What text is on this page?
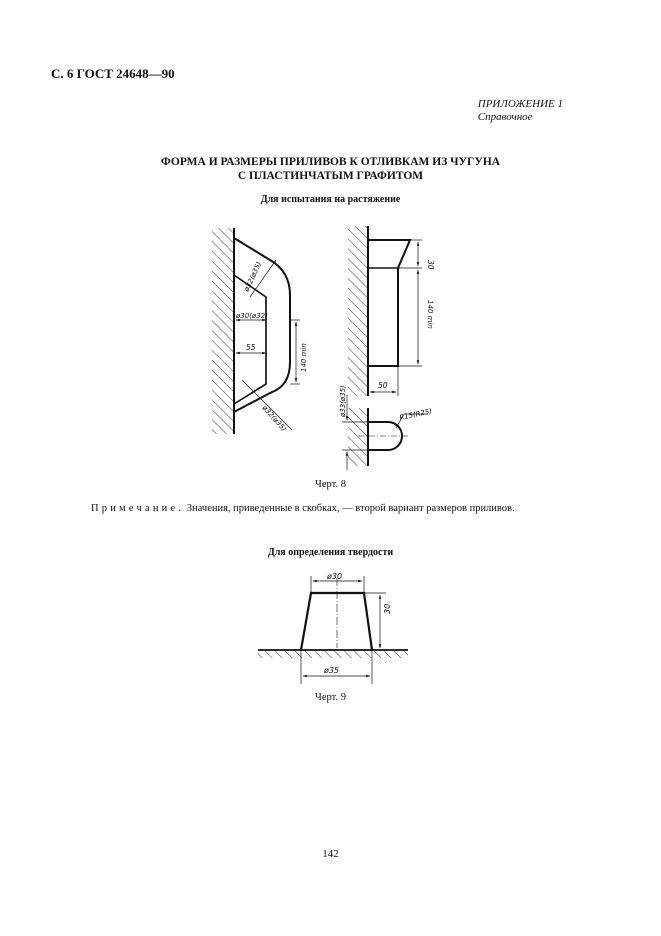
С. 6 ГОСТ 24648—90
ПРИЛОЖЕНИЕ 1
Справочное
ФОРМА И РАЗМЕРЫ ПРИЛИВОВ К ОТЛИВКАМ ИЗ ЧУГУНА
С ПЛАСТИНЧАТЫМ ГРАФИТОМ
Для испытания на растяжение
ø32(ø35)
ø30(ø32)
55	140 min
ø32(ø35)
30
140 min
50
ø33(ø35)	R15(R25)
ø30
30
ø35
Черт. 8
Примечание. Значения, приведенные в скобках, — второй вариант размеров приливов.
Для определения твердости
Черт. 9
142
